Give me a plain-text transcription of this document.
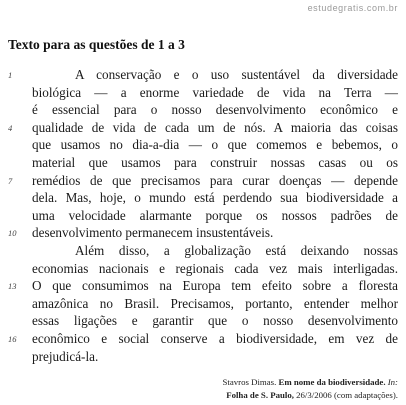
estudegratis.com.br
Texto para as questões de 1 a 3
1	A conservação e o uso sustentável da diversidade
biológica — a enorme variedade de vida na Terra —
é essencial para o nosso desenvolvimento econômico e
4	qualidade de vida de cada um de nós. A maioria das coisas
que usamos no dia-a-dia — o que comemos e bebemos, o
material que usamos para construir nossas casas ou os
7	remédios de que precisamos para curar doenças — depende
dela. Mas, hoje, o mundo está perdendo sua biodiversidade a
uma velocidade alarmante porque os nossos padrões de
10	desenvolvimento permanecem insustentáveis.
Além disso, a globalização está deixando nossas
economias nacionais e regionais cada vez mais interligadas.
13	O que consumimos na Europa tem efeito sobre a floresta
amazônica no Brasil. Precisamos, portanto, entender melhor
essas ligações e garantir que o nosso desenvolvimento
16	econômico e social conserve a biodiversidade, em vez de
prejudicá-la.
Stavros Dimas. Em nome da biodiversidade. In:
Folha de S. Paulo, 26/3/2006 (com adaptações).
